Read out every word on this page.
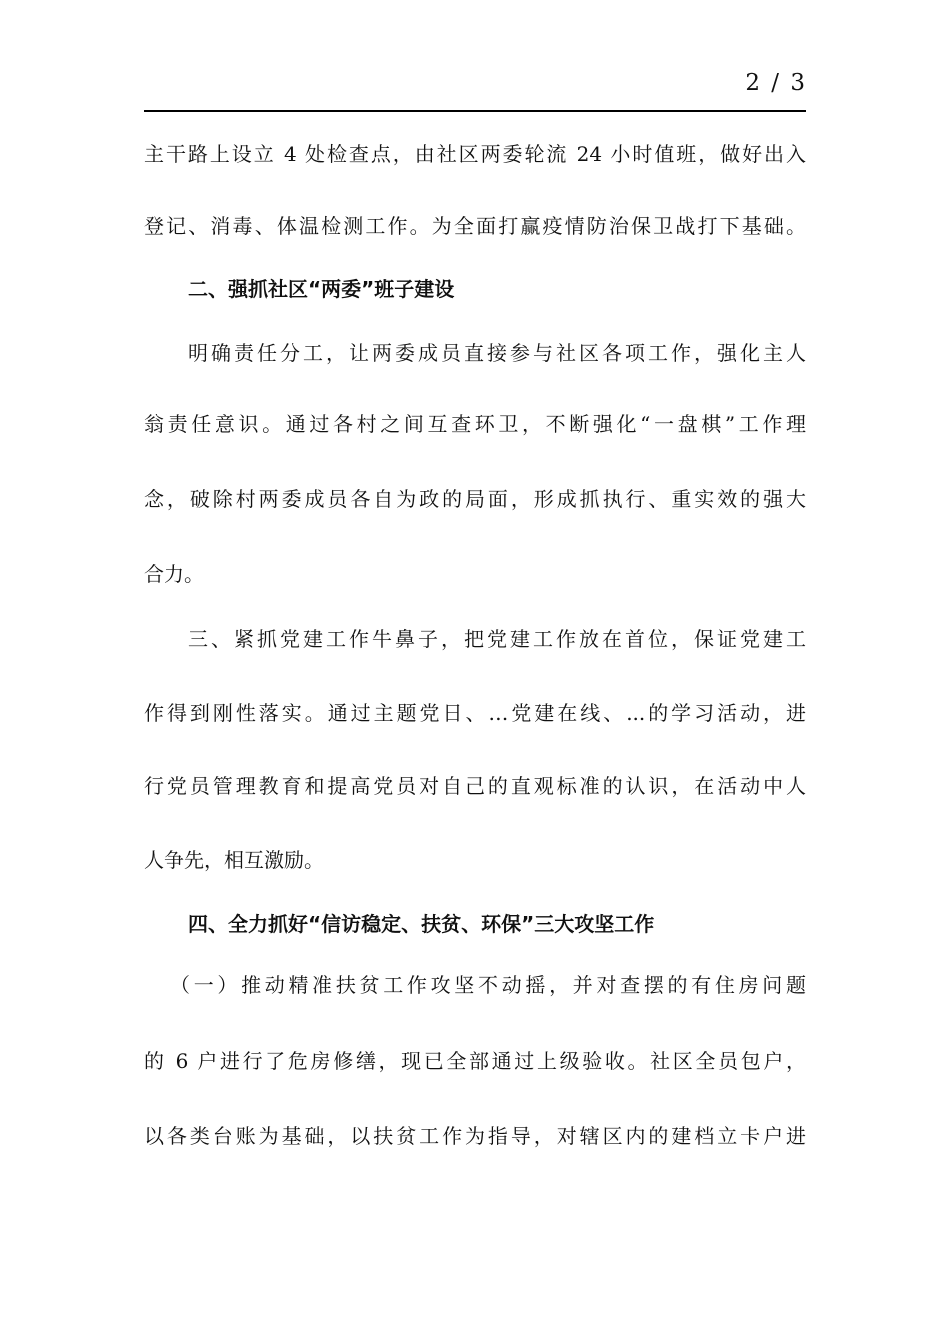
2 / 3
主干路上设立 4 处检查点，由社区两委轮流 24 小时值班，做好出入
登记、消毒、体温检测工作。为全面打赢疫情防治保卫战打下基础。
二、强抓社区“两委”班子建设
明确责任分工，让两委成员直接参与社区各项工作，强化主人
翁责任意识。通过各村之间互查环卫，不断强化“一盘棋”工作理
念，破除村两委成员各自为政的局面，形成抓执行、重实效的强大
合力。
三、紧抓党建工作牛鼻子，把党建工作放在首位，保证党建工
作得到刚性落实。通过主题党日、…党建在线、...的学习活动，进
行党员管理教育和提高党员对自己的直观标准的认识，在活动中人
人争先，相互激励。
四、全力抓好“信访稳定、扶贫、环保”三大攻坚工作
（一）推动精准扶贫工作攻坚不动摇，并对查摆的有住房问题
的 6 户进行了危房修缮，现已全部通过上级验收。社区全员包户，
以各类台账为基础，以扶贫工作为指导，对辖区内的建档立卡户进
